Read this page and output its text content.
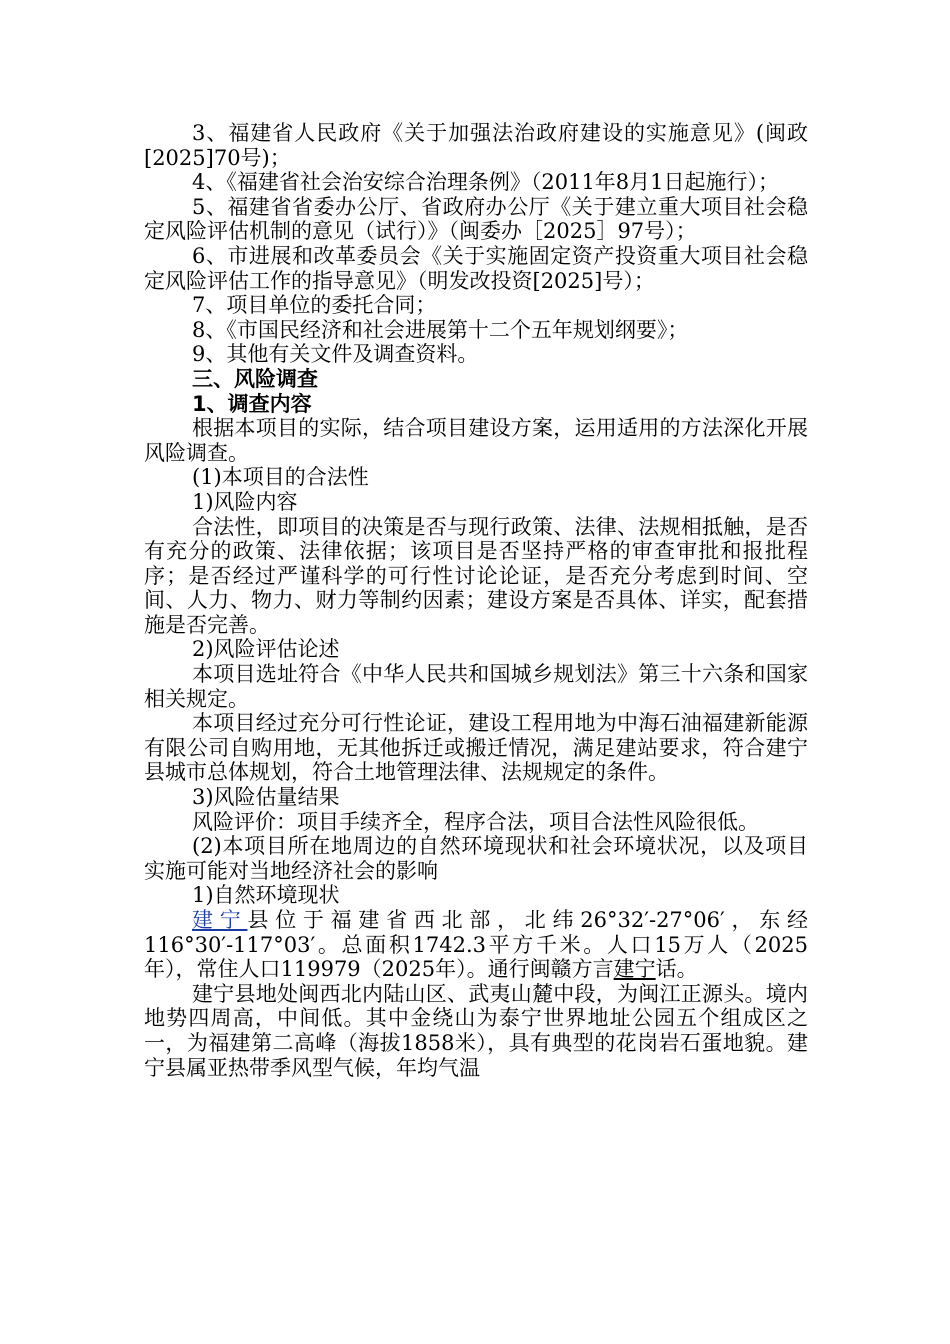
3、福建省人民政府《关于加强法治政府建设的实施意见》(闽政[2025]70号)；

4、《福建省社会治安综合治理条例》（2011年8月1日起施行）；

5、福建省省委办公厅、省政府办公厅《关于建立重大项目社会稳定风险评估机制的意见（试行）》（闽委办［2025］97号）；

6、市进展和改革委员会《关于实施固定资产投资重大项目社会稳定风险评估工作的指导意见》（明发改投资[2025]号）；

7、项目单位的委托合同；

8、《市国民经济和社会进展第十二个五年规划纲要》；

9、其他有关文件及调查资料。

三、风险调查

1、调查内容

根据本项目的实际，结合项目建设方案，运用适用的方法深化开展风险调查。

(1)本项目的合法性

1)风险内容

合法性，即项目的决策是否与现行政策、法律、法规相抵触，是否有充分的政策、法律依据；该项目是否坚持严格的审查审批和报批程序；是否经过严谨科学的可行性讨论论证，是否充分考虑到时间、空间、人力、物力、财力等制约因素；建设方案是否具体、详实，配套措施是否完善。

2)风险评估论述

本项目选址符合《中华人民共和国城乡规划法》第三十六条和国家相关规定。

本项目经过充分可行性论证，建设工程用地为中海石油福建新能源有限公司自购用地，无其他拆迁或搬迁情况，满足建站要求，符合建宁县城市总体规划，符合土地管理法律、法规规定的条件。

3)风险估量结果

风险评价：项目手续齐全，程序合法，项目合法性风险很低。

(2)本项目所在地周边的自然环境现状和社会环境状况，以及项目实施可能对当地经济社会的影响

1)自然环境现状

建宁县位于福建省西北部，北纬26°32′-27°06′，东经116°30′-117°03′。总面积1742.3平方千米。人口15万人（2025年），常住人口119979（2025年）。通行闽赣方言建宁话。

建宁县地处闽西北内陆山区、武夷山麓中段，为闽江正源头。境内地势四周高，中间低。其中金绕山为泰宁世界地址公园五个组成区之一，为福建第二高峰（海拔1858米），具有典型的花岗岩石蛋地貌。建宁县属亚热带季风型气候，年均气温
